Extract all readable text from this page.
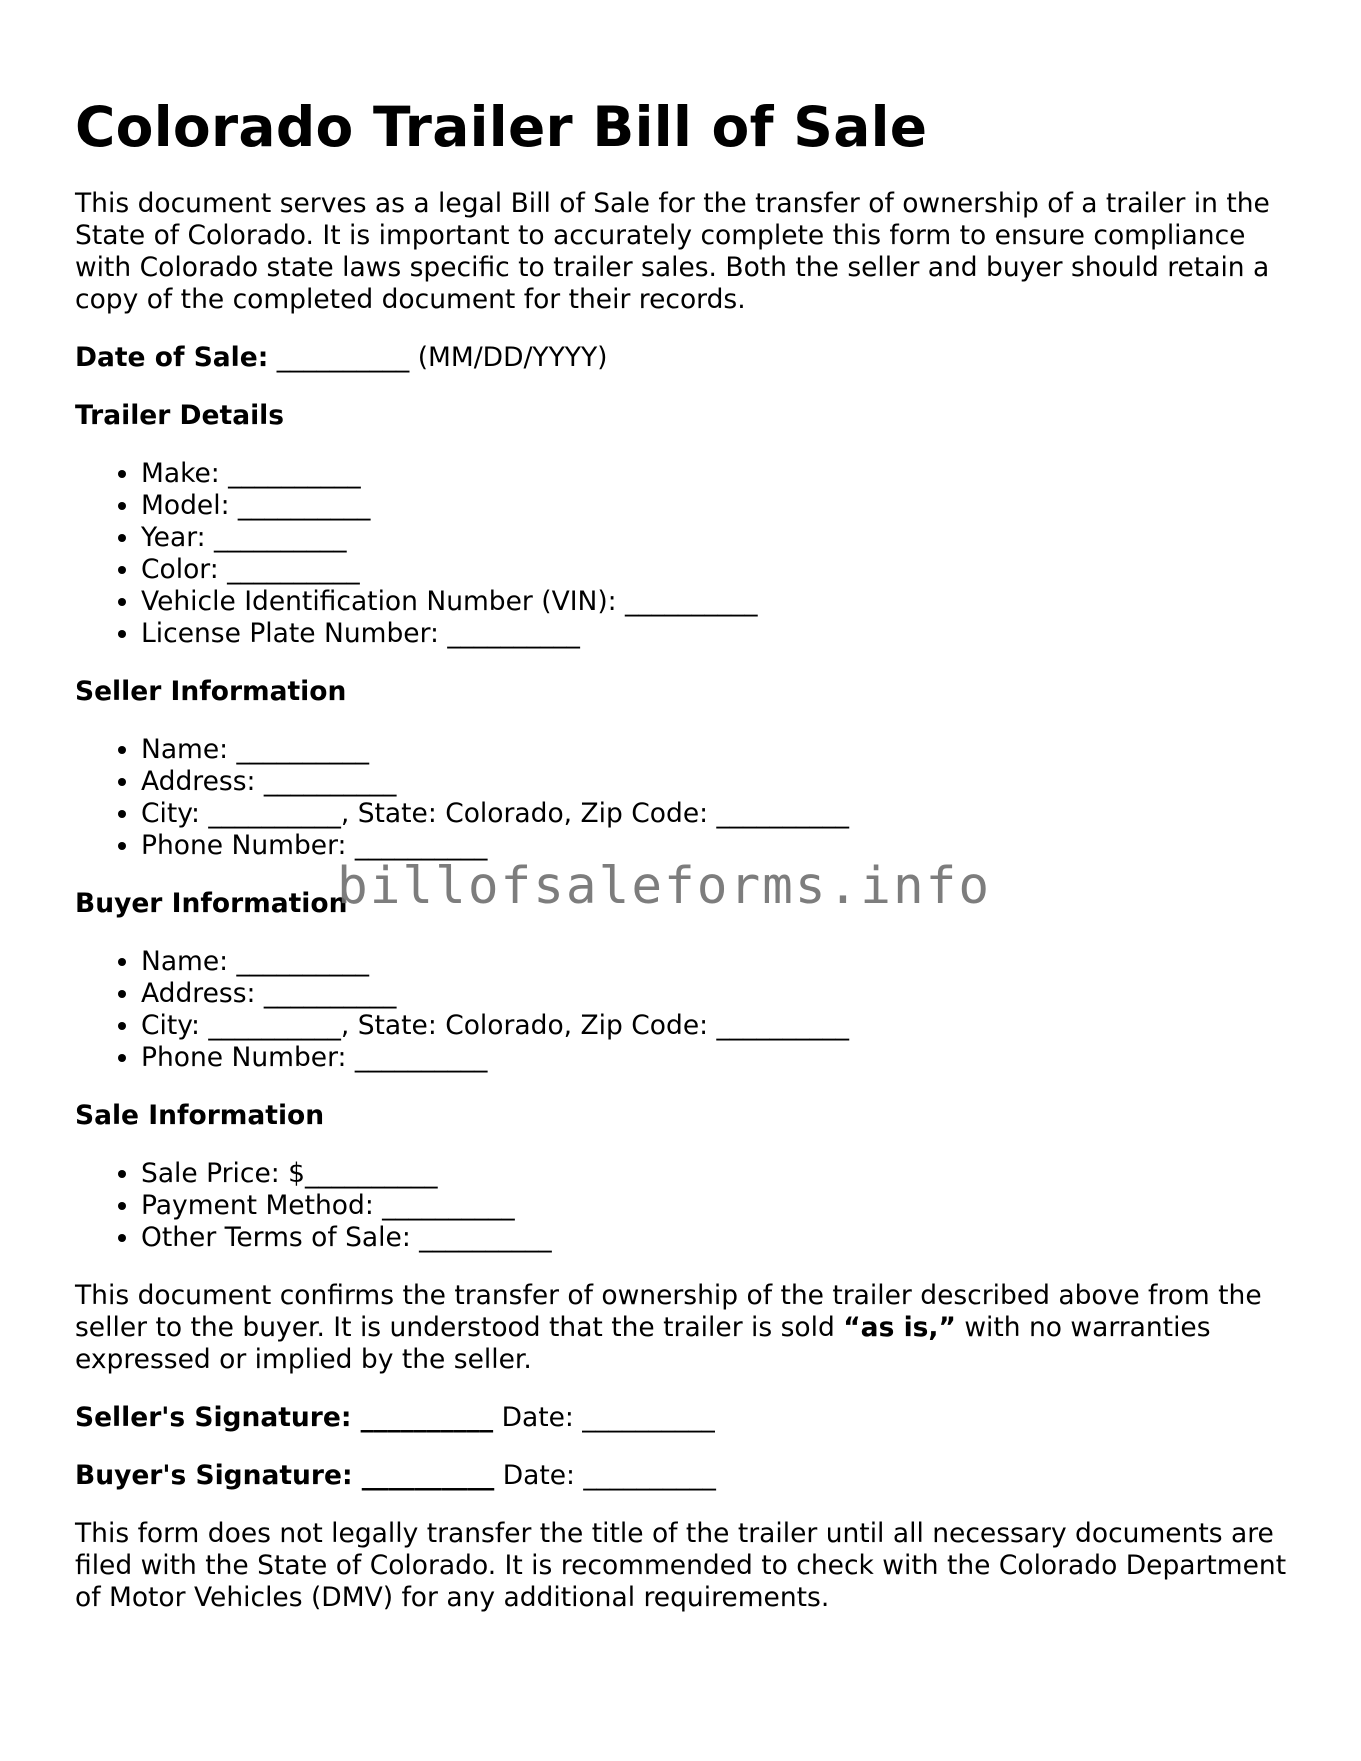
Colorado Trailer Bill of Sale

This document serves as a legal Bill of Sale for the transfer of ownership of a trailer in the State of Colorado. It is important to accurately complete this form to ensure compliance with Colorado state laws specific to trailer sales. Both the seller and buyer should retain a copy of the completed document for their records.

Date of Sale: __________ (MM/DD/YYYY)

Trailer Details
• Make: __________
• Model: __________
• Year: __________
• Color: __________
• Vehicle Identification Number (VIN): __________
• License Plate Number: __________
Seller Information
• Name: __________
• Address: __________
• City: __________, State: Colorado, Zip Code: __________
• Phone Number: __________
Buyer Information
• Name: __________
• Address: __________
• City: __________, State: Colorado, Zip Code: __________
• Phone Number: __________
Sale Information
• Sale Price: $__________
• Payment Method: __________
• Other Terms of Sale: __________

This document confirms the transfer of ownership of the trailer described above from the seller to the buyer. It is understood that the trailer is sold “as is,” with no warranties expressed or implied by the seller.

Seller's Signature: __________ Date: __________

Buyer's Signature: __________ Date: __________

This form does not legally transfer the title of the trailer until all necessary documents are filed with the State of Colorado. It is recommended to check with the Colorado Department of Motor Vehicles (DMV) for any additional requirements.

billofsaleforms.info
